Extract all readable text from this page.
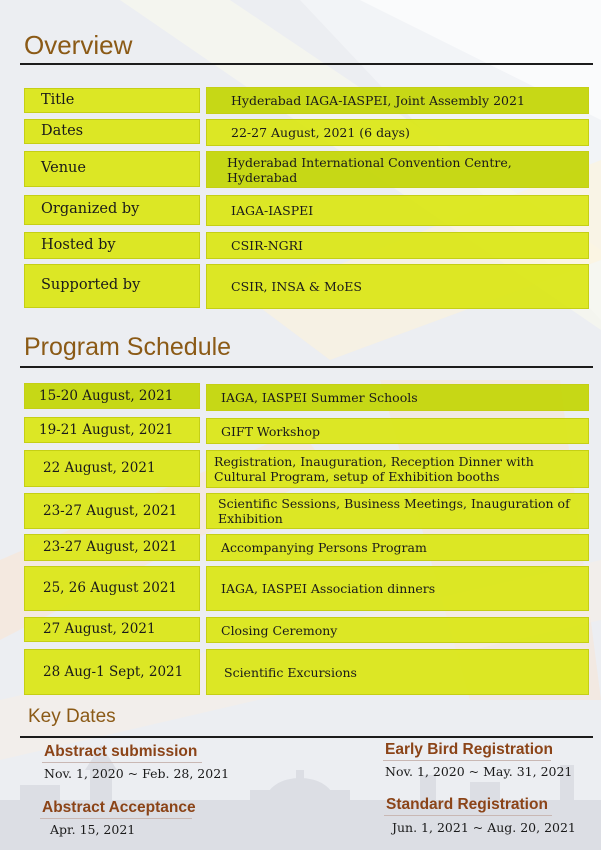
Overview
Title	Hyderabad IAGA-IASPEI, Joint Assembly 2021
Dates	22-27 August, 2021 (6 days)
Venue	Hyderabad International Convention Centre, Hyderabad
Organized by	IAGA-IASPEI
Hosted by	CSIR-NGRI
Supported by	CSIR, INSA & MoES
Program Schedule
15-20 August, 2021	IAGA, IASPEI Summer Schools
19-21 August, 2021	GIFT Workshop
22 August, 2021	Registration, Inauguration, Reception Dinner with Cultural Program, setup of Exhibition booths
23-27 August, 2021	Scientific Sessions, Business Meetings, Inauguration of Exhibition
23-27 August, 2021	Accompanying Persons Program
25, 26 August 2021	IAGA, IASPEI Association dinners
27 August, 2021	Closing Ceremony
28 Aug-1 Sept, 2021	Scientific Excursions
Key Dates
Abstract submission

Nov. 1, 2020 ~ Feb. 28, 2021

Early Bird Registration

Nov. 1, 2020 ~ May. 31, 2021

Abstract Acceptance

Apr. 15, 2021

Standard Registration

Jun. 1, 2021 ~ Aug. 20, 2021
